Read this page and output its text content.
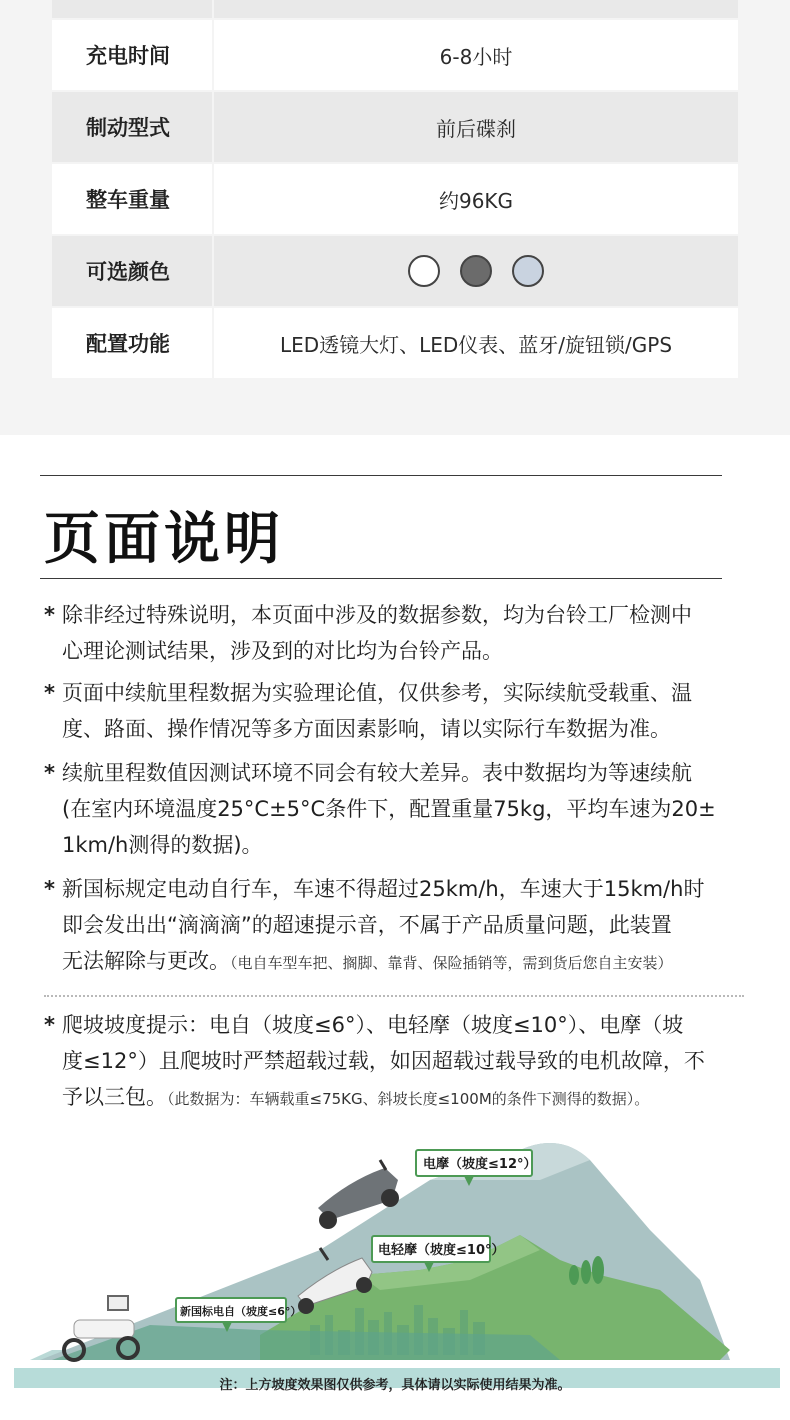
充电时间	6-8小时
制动型式	前后碟刹
整车重量	约96KG
可选颜色
配置功能	LED透镜大灯、LED仪表、蓝牙/旋钮锁/GPS
页面说明
* 除非经过特殊说明，本页面中涉及的数据参数，均为台铃工厂检测中
心理论测试结果，涉及到的对比均为台铃产品。
* 页面中续航里程数据为实验理论值，仅供参考，实际续航受载重、温
度、路面、操作情况等多方面因素影响，请以实际行车数据为准。
* 续航里程数值因测试环境不同会有较大差异。表中数据均为等速续航
(在室内环境温度25°C±5°C条件下，配置重量75kg，平均车速为20±
1km/h测得的数据)。
* 新国标规定电动自行车，车速不得超过25km/h，车速大于15km/h时
即会发出出“滴滴滴”的超速提示音，不属于产品质量问题，此装置
无法解除与更改。（电自车型车把、搁脚、靠背、保险插销等，需到货后您自主安装）
* 爬坡坡度提示：电自（坡度≤6°）、电轻摩（坡度≤10°）、电摩（坡
度≤12°）且爬坡时严禁超载过载，如因超载过载导致的电机故障，不
予以三包。（此数据为：车辆载重≤75KG、斜坡长度≤100M的条件下测得的数据）。
电摩（坡度≤12°）
电轻摩（坡度≤10°）
新国标电自（坡度≤6°）
注：上方坡度效果图仅供参考，具体请以实际使用结果为准。
